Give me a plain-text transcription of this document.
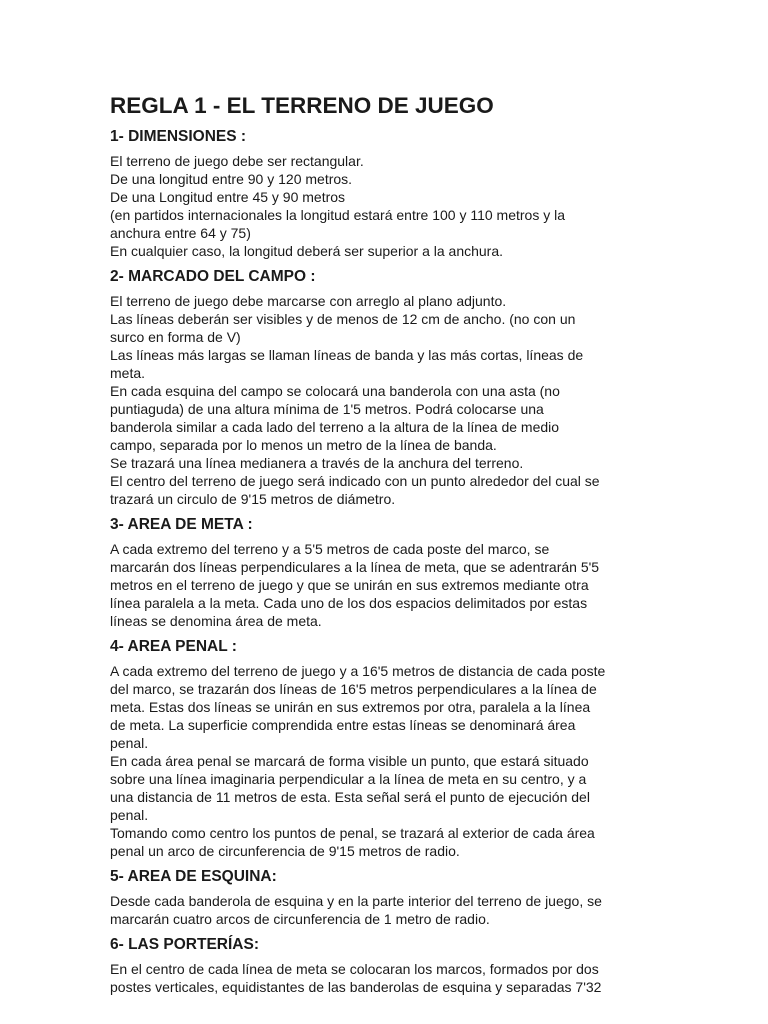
REGLA 1 - EL TERRENO DE JUEGO
1- DIMENSIONES :

El terreno de juego debe ser rectangular.
De una longitud entre 90 y 120 metros.
De una Longitud entre 45 y 90 metros
(en partidos internacionales la longitud estará entre 100 y 110 metros y la
anchura entre 64 y 75)
En cualquier caso, la longitud deberá ser superior a la anchura.

2- MARCADO DEL CAMPO :

El terreno de juego debe marcarse con arreglo al plano adjunto.
Las líneas deberán ser visibles y de menos de 12 cm de ancho. (no con un
surco en forma de V)
Las líneas más largas se llaman líneas de banda y las más cortas, líneas de
meta.
En cada esquina del campo se colocará una banderola con una asta (no
puntiaguda) de una altura mínima de 1'5 metros. Podrá colocarse una
banderola similar a cada lado del terreno a la altura de la línea de medio
campo, separada por lo menos un metro de la línea de banda.
Se trazará una línea medianera a través de la anchura del terreno.
El centro del terreno de juego será indicado con un punto alrededor del cual se
trazará un circulo de 9'15 metros de diámetro.

3- AREA DE META :

A cada extremo del terreno y a 5'5 metros de cada poste del marco, se
marcarán dos líneas perpendiculares a la línea de meta, que se adentrarán 5'5
metros en el terreno de juego y que se unirán en sus extremos mediante otra
línea paralela a la meta. Cada uno de los dos espacios delimitados por estas
líneas se denomina área de meta.

4- AREA PENAL :

A cada extremo del terreno de juego y a 16'5 metros de distancia de cada poste
del marco, se trazarán dos líneas de 16'5 metros perpendiculares a la línea de
meta. Estas dos líneas se unirán en sus extremos por otra, paralela a la línea
de meta. La superficie comprendida entre estas líneas se denominará área
penal.
En cada área penal se marcará de forma visible un punto, que estará situado
sobre una línea imaginaria perpendicular a la línea de meta en su centro, y a
una distancia de 11 metros de esta. Esta señal será el punto de ejecución del
penal.
Tomando como centro los puntos de penal, se trazará al exterior de cada área
penal un arco de circunferencia de 9'15 metros de radio.

5- AREA DE ESQUINA:

Desde cada banderola de esquina y en la parte interior del terreno de juego, se
marcarán cuatro arcos de circunferencia de 1 metro de radio.

6- LAS PORTERÍAS:

En el centro de cada línea de meta se colocaran los marcos, formados por dos
postes verticales, equidistantes de las banderolas de esquina y separadas 7'32
